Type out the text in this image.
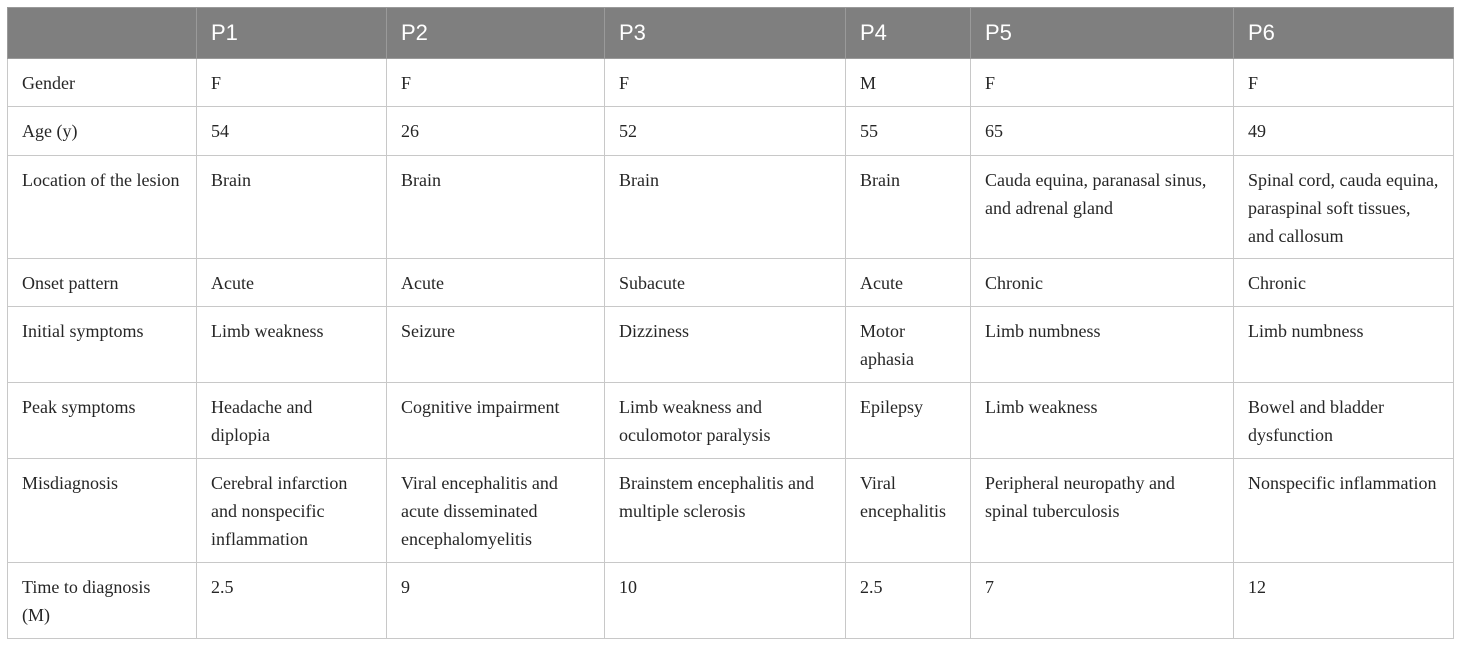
	P1	P2	P3	P4	P5	P6
Gender	F	F	F	M	F	F
Age (y)	54	26	52	55	65	49
Location of the lesion	Brain	Brain	Brain	Brain	Cauda equina, paranasal sinus, and adrenal gland	Spinal cord, cauda equina, paraspinal soft tissues, and callosum
Onset pattern	Acute	Acute	Subacute	Acute	Chronic	Chronic
Initial symptoms	Limb weakness	Seizure	Dizziness	Motor aphasia	Limb numbness	Limb numbness
Peak symptoms	Headache and diplopia	Cognitive impairment	Limb weakness and oculomotor paralysis	Epilepsy	Limb weakness	Bowel and bladder dysfunction
Misdiagnosis	Cerebral infarction and nonspecific inflammation	Viral encephalitis and acute disseminated encephalomyelitis	Brainstem encephalitis and multiple sclerosis	Viral encephalitis	Peripheral neuropathy and spinal tuberculosis	Nonspecific inflammation
Time to diagnosis (M)	2.5	9	10	2.5	7	12
